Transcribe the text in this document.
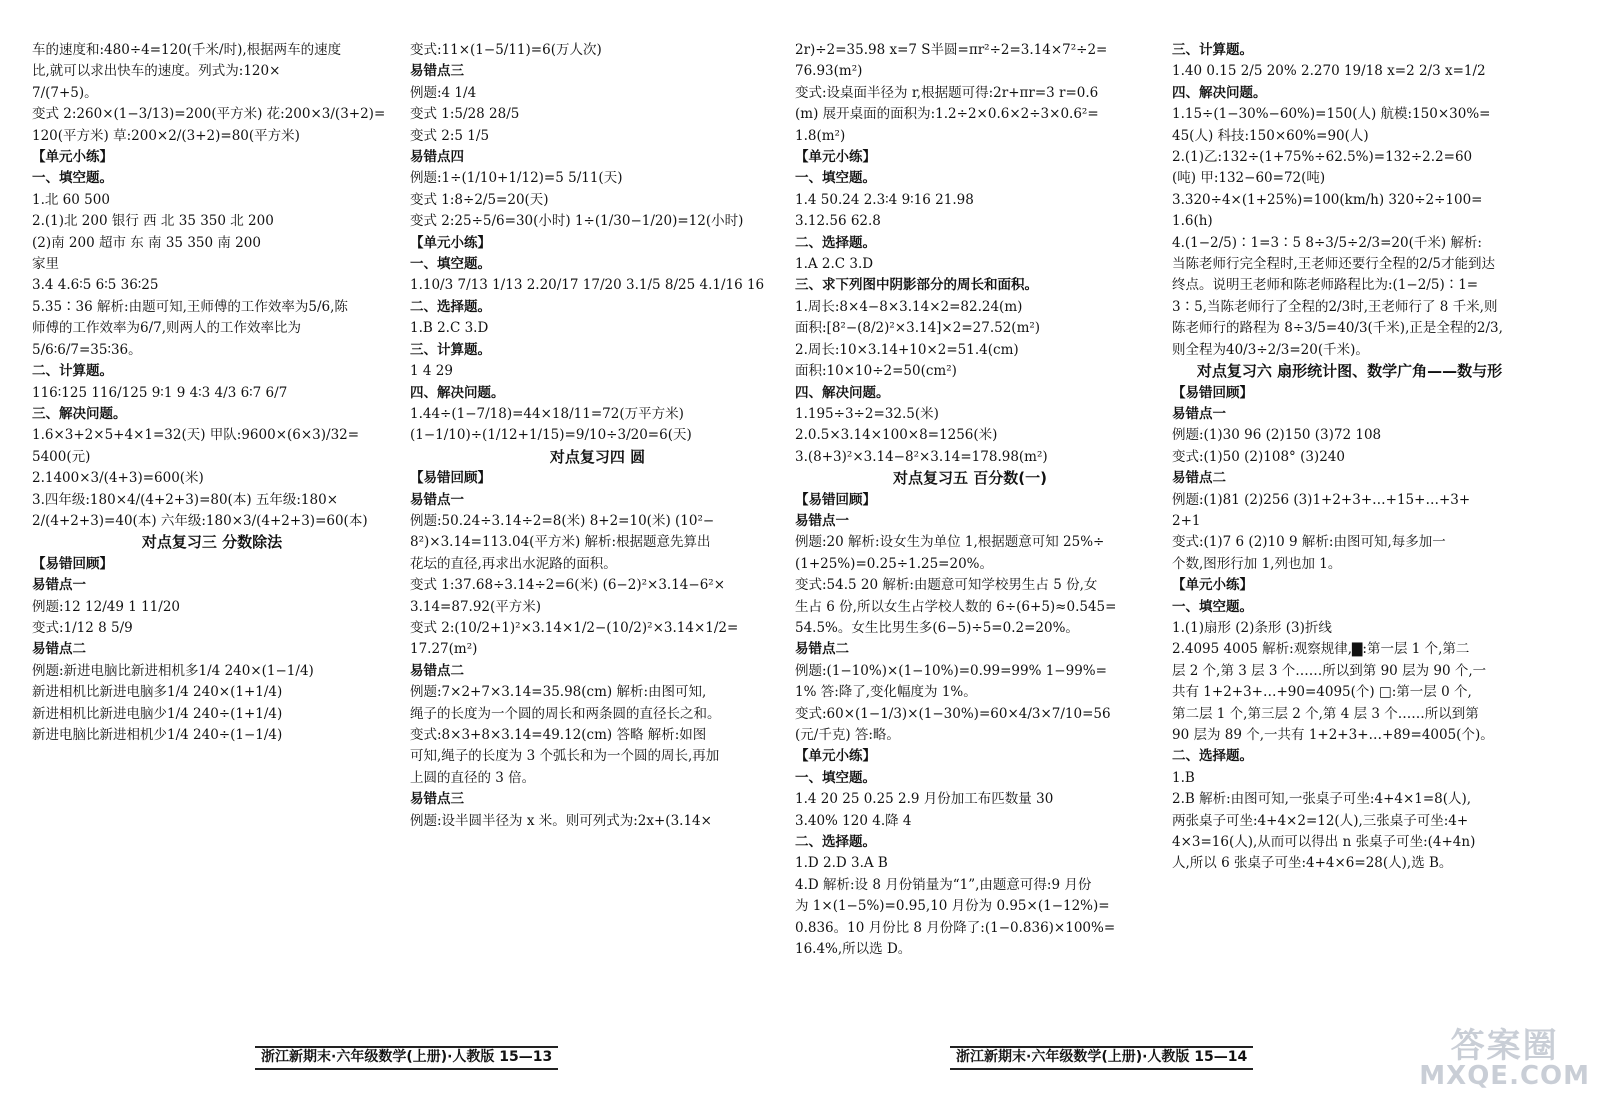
车的速度和:480÷4=120(千米/时),根据两车的速度
比,就可以求出快车的速度。列式为:120×
7/(7+5)。
变式 2:260×(1−3/13)=200(平方米) 花:200×3/(3+2)=
120(平方米) 草:200×2/(3+2)=80(平方米)
【单元小练】
一、填空题。
1.北 60 500
2.(1)北 200 银行 西 北 35 350 北 200
(2)南 200 超市 东 南 35 350 南 200
家里
3.4 4.6∶5 6∶5 36∶25
5.35∶36 解析:由题可知,王师傅的工作效率为5/6,陈
师傅的工作效率为6/7,则两人的工作效率比为
5/6∶6/7=35∶36。
二、计算题。
116∶125 116/125 9∶1 9 4∶3 4/3 6∶7 6/7
三、解决问题。
1.6×3+2×5+4×1=32(天) 甲队:9600×(6×3)/32=
5400(元)
2.1400×3/(4+3)=600(米)
3.四年级:180×4/(4+2+3)=80(本) 五年级:180×
2/(4+2+3)=40(本) 六年级:180×3/(4+2+3)=60(本)
对点复习三 分数除法
【易错回顾】
易错点一
例题:12 12/49 1 11/20
变式:1/12 8 5/9
易错点二
例题:新进电脑比新进相机多1/4 240×(1−1/4)
新进相机比新进电脑多1/4 240×(1+1/4)
新进相机比新进电脑少1/4 240÷(1+1/4)
新进电脑比新进相机少1/4 240÷(1−1/4)
变式:11×(1−5/11)=6(万人次)
易错点三
例题:4 1/4
变式 1:5/28 28/5
变式 2:5 1/5
易错点四
例题:1÷(1/10+1/12)=5 5/11(天)
变式 1:8÷2/5=20(天)
变式 2:25÷5/6=30(小时) 1÷(1/30−1/20)=12(小时)
【单元小练】
一、填空题。
1.10/3 7/13 1/13 2.20/17 17/20 3.1/5 8/25 4.1/16 16
二、选择题。
1.B 2.C 3.D
三、计算题。
1 4 29
四、解决问题。
1.44÷(1−7/18)=44×18/11=72(万平方米)
(1−1/10)÷(1/12+1/15)=9/10÷3/20=6(天)
对点复习四 圆
【易错回顾】
易错点一
例题:50.24÷3.14÷2=8(米) 8+2=10(米) (10²−
8²)×3.14=113.04(平方米) 解析:根据题意先算出
花坛的直径,再求出水泥路的面积。
变式 1:37.68÷3.14÷2=6(米) (6−2)²×3.14−6²×
3.14=87.92(平方米)
变式 2:(10/2+1)²×3.14×1/2−(10/2)²×3.14×1/2=
17.27(m²)
易错点二
例题:7×2+7×3.14=35.98(cm) 解析:由图可知,
绳子的长度为一个圆的周长和两条圆的直径长之和。
变式:8×3+8×3.14=49.12(cm) 答略 解析:如图
可知,绳子的长度为 3 个弧长和为一个圆的周长,再加
上圆的直径的 3 倍。
易错点三
例题:设半圆半径为 x 米。则可列式为:2x+(3.14×
浙江新期末·六年级数学(上册)·人教版 15—13
2r)÷2=35.98 x=7 S半圆=πr²÷2=3.14×7²÷2=
76.93(m²)
变式:设桌面半径为 r,根据题可得:2r+πr=3 r=0.6
(m) 展开桌面的面积为:1.2÷2×0.6×2÷3×0.6²=
1.8(m²)
【单元小练】
一、填空题。
1.4 50.24 2.3∶4 9∶16 21.98
3.12.56 62.8
二、选择题。
1.A 2.C 3.D
三、求下列图中阴影部分的周长和面积。
1.周长:8×4−8×3.14×2=82.24(m)
面积:[8²−(8/2)²×3.14]×2=27.52(m²)
2.周长:10×3.14+10×2=51.4(cm)
面积:10×10÷2=50(cm²)
四、解决问题。
1.195÷3÷2=32.5(米)
2.0.5×3.14×100×8=1256(米)
3.(8+3)²×3.14−8²×3.14=178.98(m²)
对点复习五 百分数(一)
【易错回顾】
易错点一
例题:20 解析:设女生为单位 1,根据题意可知 25%÷
(1+25%)=0.25÷1.25=20%。
变式:54.5 20 解析:由题意可知学校男生占 5 份,女
生占 6 份,所以女生占学校人数的 6÷(6+5)≈0.545=
54.5%。女生比男生多(6−5)÷5=0.2=20%。
易错点二
例题:(1−10%)×(1−10%)=0.99=99% 1−99%=
1% 答:降了,变化幅度为 1%。
变式:60×(1−1/3)×(1−30%)=60×4/3×7/10=56
(元/千克) 答:略。
【单元小练】
一、填空题。
1.4 20 25 0.25 2.9 月份加工布匹数量 30
3.40% 120 4.降 4
二、选择题。
1.D 2.D 3.A B
4.D 解析:设 8 月份销量为“1”,由题意可得:9 月份
为 1×(1−5%)=0.95,10 月份为 0.95×(1−12%)=
0.836。10 月份比 8 月份降了:(1−0.836)×100%=
16.4%,所以选 D。
三、计算题。
1.40 0.15 2/5 20% 2.270 19/18 x=2 2/3 x=1/2
四、解决问题。
1.15÷(1−30%−60%)=150(人) 航模:150×30%=
45(人) 科技:150×60%=90(人)
2.(1)乙:132÷(1+75%÷62.5%)=132÷2.2=60
(吨) 甲:132−60=72(吨)
3.320÷4×(1+25%)=100(km/h) 320÷2÷100=
1.6(h)
4.(1−2/5)∶1=3∶5 8÷3/5÷2/3=20(千米) 解析:
当陈老师行完全程时,王老师还要行全程的2/5才能到达
终点。说明王老师和陈老师路程比为:(1−2/5)∶1=
3∶5,当陈老师行了全程的2/3时,王老师行了 8 千米,则
陈老师行的路程为 8÷3/5=40/3(千米),正是全程的2/3,
则全程为40/3÷2/3=20(千米)。
对点复习六 扇形统计图、数学广角——数与形
【易错回顾】
易错点一
例题:(1)30 96 (2)150 (3)72 108
变式:(1)50 (2)108° (3)240
易错点二
例题:(1)81 (2)256 (3)1+2+3+…+15+…+3+
2+1
变式:(1)7 6 (2)10 9 解析:由图可知,每多加一
个数,图形行加 1,列也加 1。
【单元小练】
一、填空题。
1.(1)扇形 (2)条形 (3)折线
2.4095 4005 解析:观察规律,▇:第一层 1 个,第二
层 2 个,第 3 层 3 个……所以到第 90 层为 90 个,一
共有 1+2+3+…+90=4095(个) □:第一层 0 个,
第二层 1 个,第三层 2 个,第 4 层 3 个……所以到第
90 层为 89 个,一共有 1+2+3+…+89=4005(个)。
二、选择题。
1.B
2.B 解析:由图可知,一张桌子可坐:4+4×1=8(人),
两张桌子可坐:4+4×2=12(人),三张桌子可坐:4+
4×3=16(人),从而可以得出 n 张桌子可坐:(4+4n)
人,所以 6 张桌子可坐:4+4×6=28(人),选 B。
浙江新期末·六年级数学(上册)·人教版 15—14	答案圈
MXQE.COM
